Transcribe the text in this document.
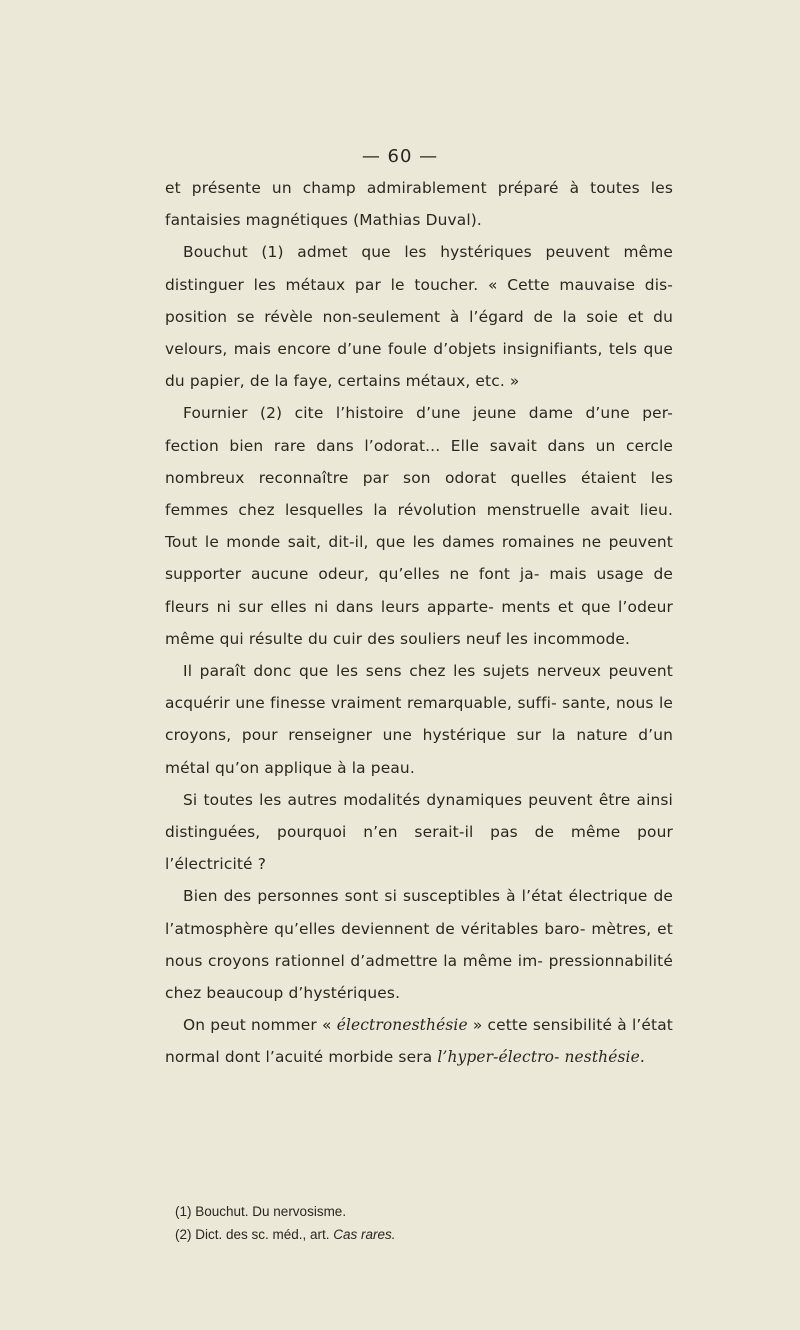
— 60 —

et présente un champ admirablement préparé à toutes les fantaisies magnétiques (Mathias Duval).

Bouchut (1) admet que les hystériques peuvent même distinguer les métaux par le toucher. « Cette mauvaise dis- position se révèle non-seulement à l’égard de la soie et du velours, mais encore d’une foule d’objets insignifiants, tels que du papier, de la faye, certains métaux, etc. »

Fournier (2) cite l’histoire d’une jeune dame d’une per- fection bien rare dans l’odorat... Elle savait dans un cercle nombreux reconnaître par son odorat quelles étaient les femmes chez lesquelles la révolution menstruelle avait lieu. Tout le monde sait, dit-il, que les dames romaines ne peuvent supporter aucune odeur, qu’elles ne font ja- mais usage de fleurs ni sur elles ni dans leurs apparte- ments et que l’odeur même qui résulte du cuir des souliers neuf les incommode.

Il paraît donc que les sens chez les sujets nerveux peuvent acquérir une finesse vraiment remarquable, suffi- sante, nous le croyons, pour renseigner une hystérique sur la nature d’un métal qu’on applique à la peau.

Si toutes les autres modalités dynamiques peuvent être ainsi distinguées, pourquoi n’en serait-il pas de même pour l’électricité ?

Bien des personnes sont si susceptibles à l’état électrique de l’atmosphère qu’elles deviennent de véritables baro- mètres, et nous croyons rationnel d’admettre la même im- pressionnabilité chez beaucoup d’hystériques.

On peut nommer « électronesthésie » cette sensibilité à l’état normal dont l’acuité morbide sera l’hyper-électro- nesthésie.

(1) Bouchut. Du nervosisme.

(2) Dict. des sc. méd., art. Cas rares.
